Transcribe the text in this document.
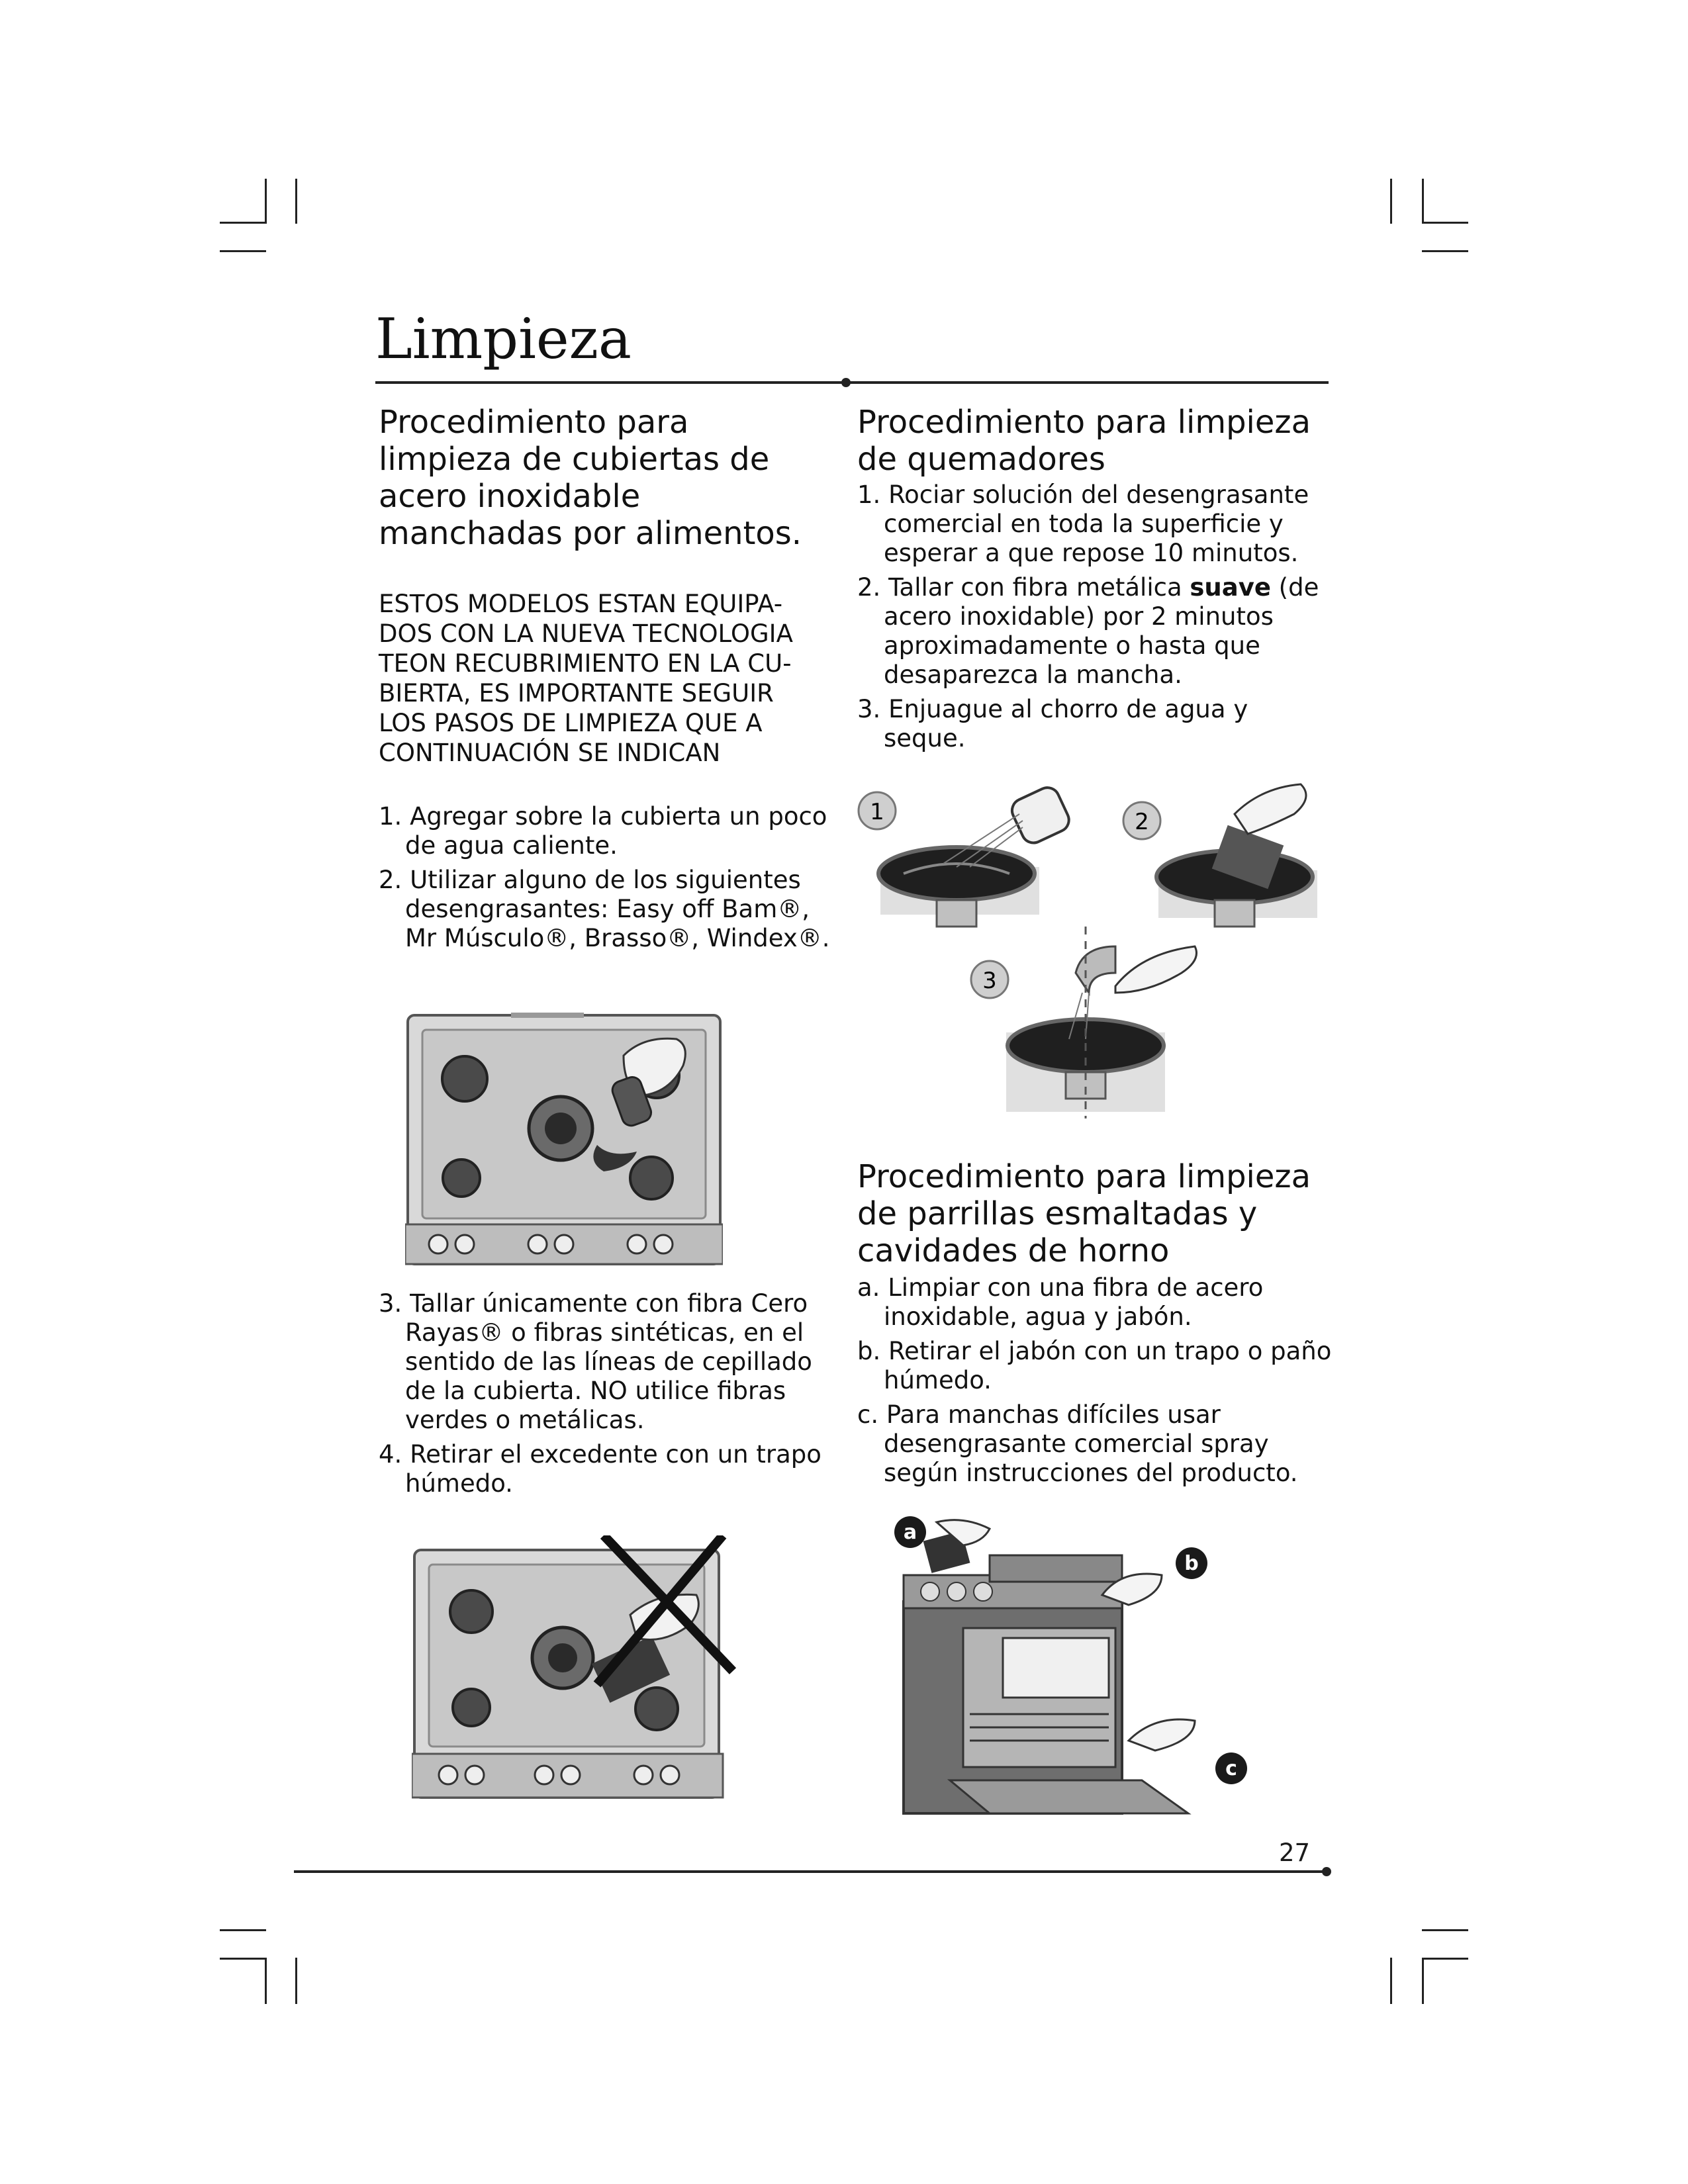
Limpieza
Procedimiento para limpieza de cubiertas de acero inoxidable manchadas por alimentos.

ESTOS MODELOS ESTAN EQUIPA-

DOS CON LA NUEVA TECNOLOGIA

TEON RECUBRIMIENTO EN LA CU-

BIERTA, ES IMPORTANTE SEGUIR

LOS PASOS DE LIMPIEZA QUE A

CONTINUACIÓN SE INDICAN

1. Agregar sobre la cubierta un poco de agua caliente.
2. Utilizar alguno de los siguientes desengrasantes: Easy off Bam®, Mr Músculo®, Brasso®, Windex®.
3. Tallar únicamente con fibra Cero Rayas® o fibras sintéticas, en el sentido de las líneas de cepillado de la cubierta. NO utilice fibras verdes o metálicas.
4. Retirar el excedente con un trapo húmedo.
Procedimiento para limpieza de quemadores
1. Rociar solución del desengrasante comercial en toda la superficie y esperar a que repose 10 minutos.
2. Tallar con fibra metálica suave (de acero inoxidable) por 2 minutos aproximadamente o hasta que desaparezca la mancha.
3. Enjuague al chorro de agua y seque.
1	2
3
Procedimiento para limpieza de parrillas esmaltadas y cavidades de horno
a. Limpiar con una fibra de acero inoxidable, agua y jabón.
b. Retirar el jabón con un trapo o paño húmedo.
c. Para manchas difíciles usar desengrasante comercial spray según instrucciones del producto.
a
b
c
27
